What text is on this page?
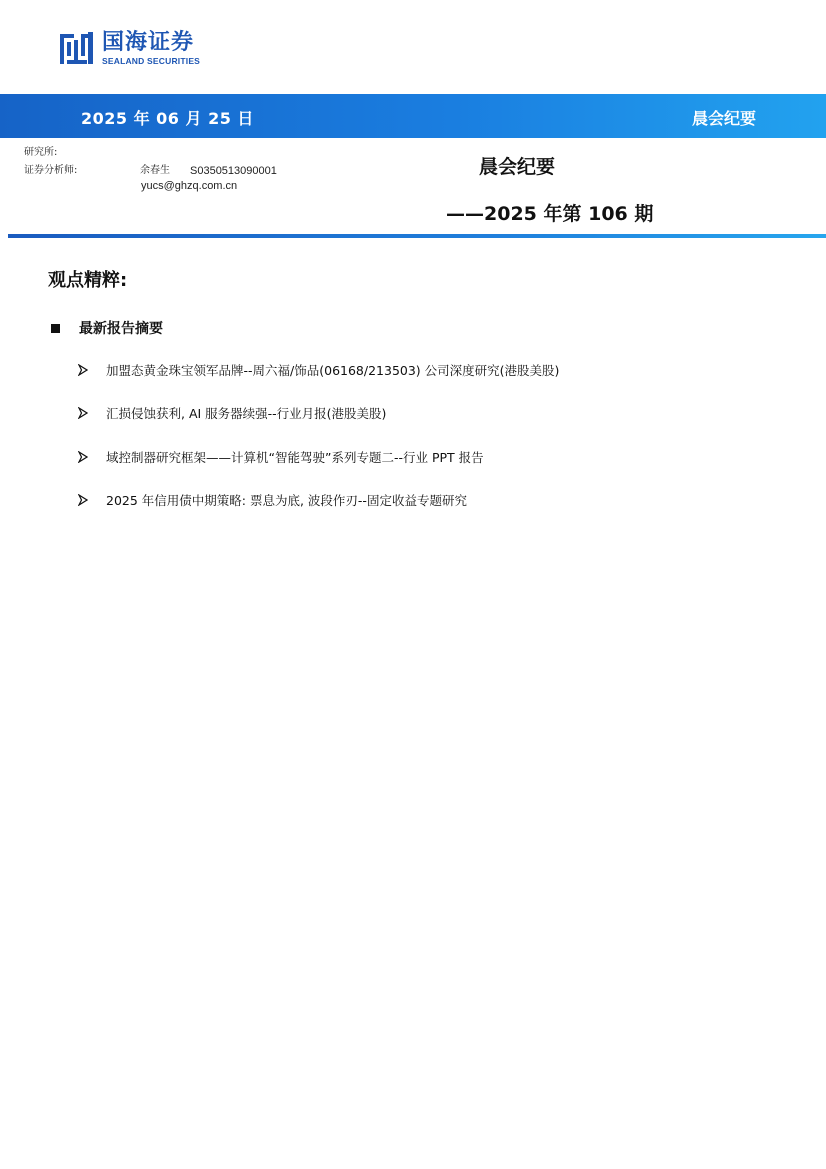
国海证券
SEALAND SECURITIES
2025 年 06 月 25 日	晨会纪要
研究所:
证券分析师:	余春生	S0350513090001
yucs@ghzq.com.cn
晨会纪要
——2025 年第 106 期
观点精粹:
最新报告摘要
加盟态黄金珠宝领军品牌--周六福/饰品(06168/213503) 公司深度研究(港股美股)
汇损侵蚀获利, AI 服务器续强--行业月报(港股美股)
域控制器研究框架——计算机“智能驾驶”系列专题二--行业 PPT 报告
2025 年信用债中期策略: 票息为底, 波段作刃--固定收益专题研究
